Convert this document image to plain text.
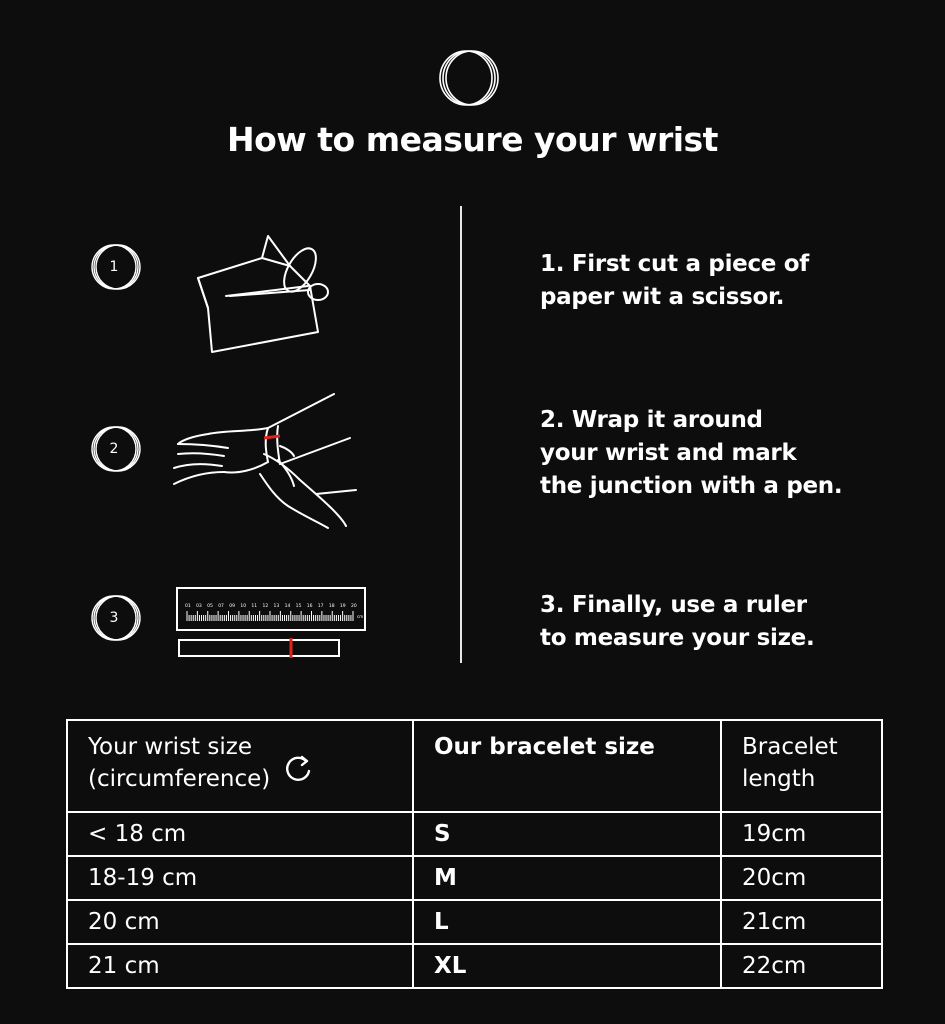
How to measure your wrist
1
2
3
01 03 05 07 09 10 11 12 13 14 15 16 17 18 19 20
cm
1. First cut a piece of
paper wit a scissor.
2. Wrap it around
your wrist and mark
the junction with a pen.
3. Finally, use a ruler
to measure your size.
Your wrist size
(circumference)	Our bracelet size	Bracelet length
< 18 cm	S	19cm
18-19 cm	M	20cm
20 cm	L	21cm
21 cm	XL	22cm
